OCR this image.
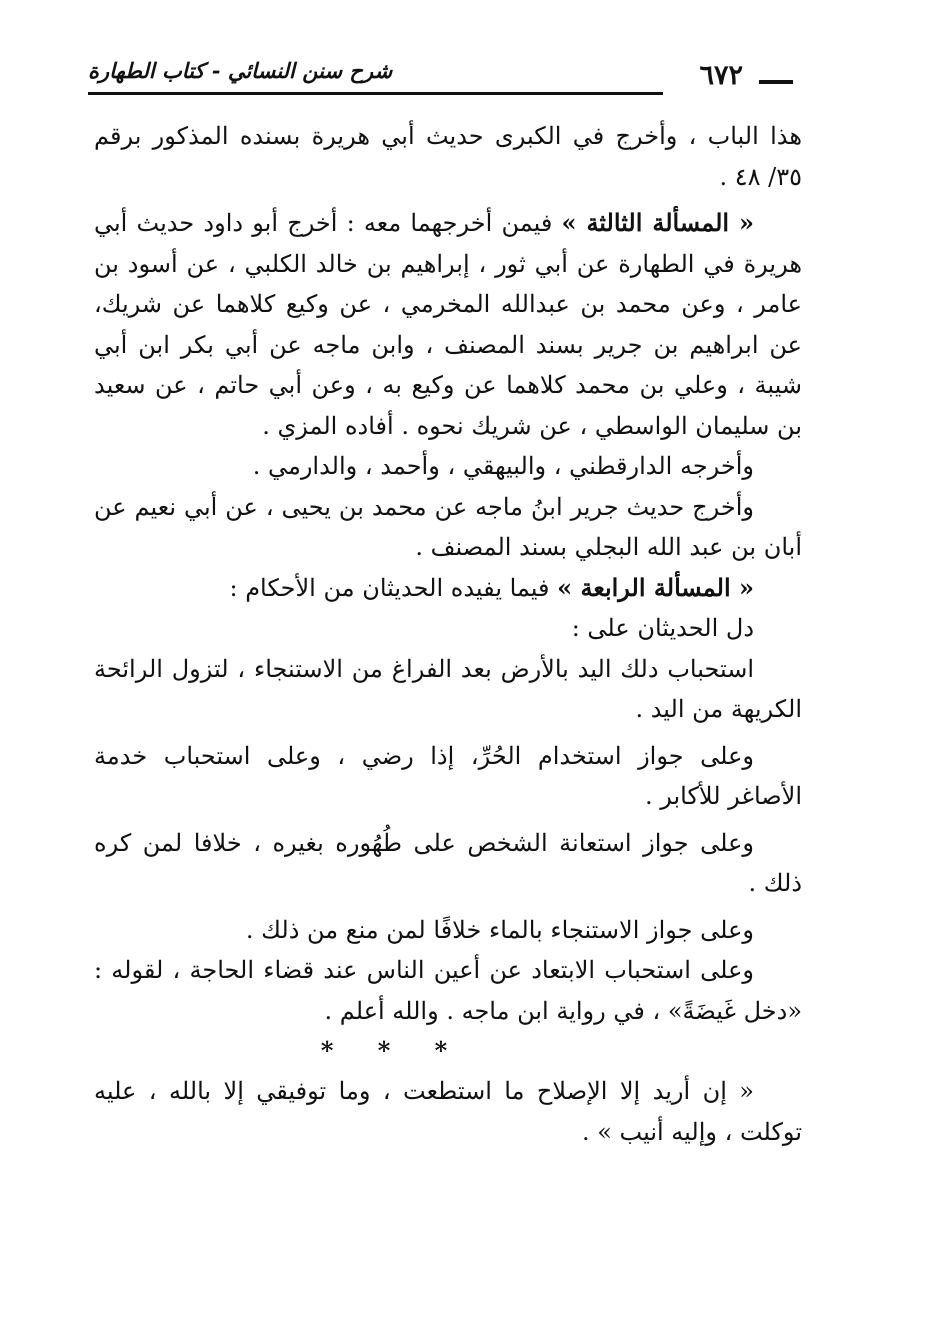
٦٧٢
شرح سنن النسائي - كتاب الطهارة

هذا الباب ، وأخرج في الكبرى حديث أبي هريرة بسنده المذكور برقم ٣٥/ ٤٨ .

« المسألة الثالثة » فيمن أخرجهما معه : أخرج أبو داود حديث أبي هريرة في الطهارة عن أبي ثور ، إبراهيم بن خالد الكلبي ، عن أسود بن عامر ، وعن محمد بن عبدالله المخرمي ، عن وكيع كلاهما عن شريك، عن ابراهيم بن جرير بسند المصنف ، وابن ماجه عن أبي بكر ابن أبي شيبة ، وعلي بن محمد كلاهما عن وكيع به ، وعن أبي حاتم ، عن سعيد بن سليمان الواسطي ، عن شريك نحوه . أفاده المزي .

وأخرجه الدارقطني ، والبيهقي ، وأحمد ، والدارمي .

وأخرج حديث جرير ابنُ ماجه عن محمد بن يحيى ، عن أبي نعيم عن أبان بن عبد الله البجلي بسند المصنف .

« المسألة الرابعة » فيما يفيده الحديثان من الأحكام :

دل الحديثان على :

استحباب دلك اليد بالأرض بعد الفراغ من الاستنجاء ، لتزول الرائحة الكريهة من اليد .

وعلى جواز استخدام الحُرِّ، إذا رضي ، وعلى استحباب خدمة الأصاغر للأكابر .

وعلى جواز استعانة الشخص على طُهُوره بغيره ، خلافا لمن كره ذلك .

وعلى جواز الاستنجاء بالماء خلافًا لمن منع من ذلك .

وعلى استحباب الابتعاد عن أعين الناس عند قضاء الحاجة ، لقوله : «دخل غَيضَةً» ، في رواية ابن ماجه . والله أعلم .

* * *

« إن أريد إلا الإصلاح ما استطعت ، وما توفيقي إلا بالله ، عليه توكلت ، وإليه أنيب » .
